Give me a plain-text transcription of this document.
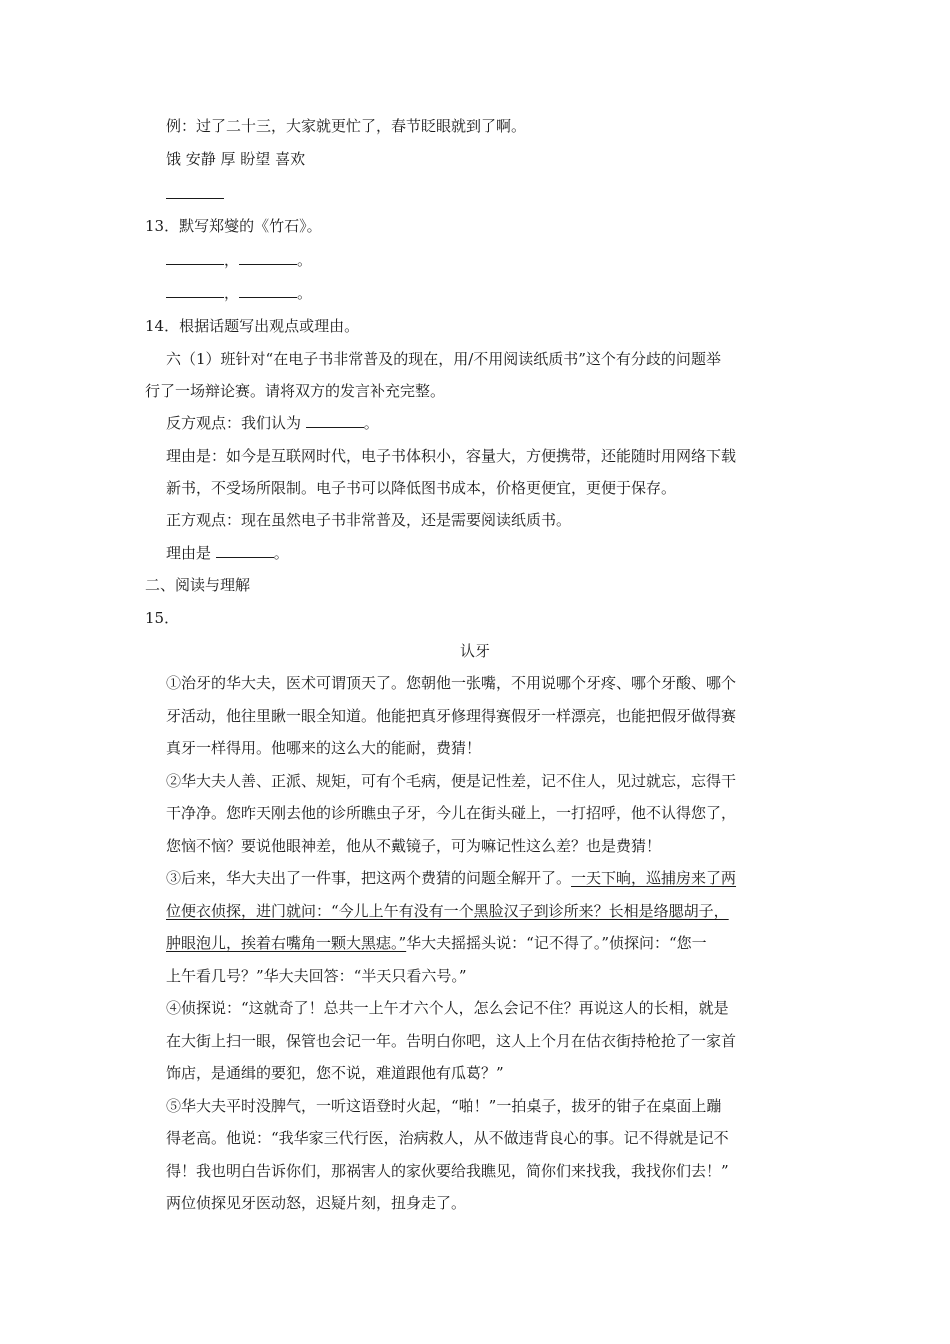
例：过了二十三，大家就更忙了，春节眨眼就到了啊。
饿 安静 厚 盼望 喜欢
13．默写郑燮的《竹石》。
，	。
，	。
14．根据话题写出观点或理由。
六（1）班针对“在电子书非常普及的现在，用/不用阅读纸质书”这个有分歧的问题举
行了一场辩论赛。请将双方的发言补充完整。
反方观点：我们认为	。
理由是：如今是互联网时代，电子书体积小，容量大，方便携带，还能随时用网络下载
新书，不受场所限制。电子书可以降低图书成本，价格更便宜，更便于保存。
正方观点：现在虽然电子书非常普及，还是需要阅读纸质书。
理由是	。
二、阅读与理解
15．
认牙
①治牙的华大夫，医术可谓顶天了。您朝他一张嘴，不用说哪个牙疼、哪个牙酸、哪个
牙活动，他往里瞅一眼全知道。他能把真牙修理得赛假牙一样漂亮，也能把假牙做得赛
真牙一样得用。他哪来的这么大的能耐，费猜！
②华大夫人善、正派、规矩，可有个毛病，便是记性差，记不住人，见过就忘，忘得干
干净净。您昨天刚去他的诊所瞧虫子牙，今儿在街头碰上，一打招呼，他不认得您了，
您恼不恼？要说他眼神差，他从不戴镜子，可为嘛记性这么差？也是费猜！
③后来，华大夫出了一件事，把这两个费猜的问题全解开了。一天下晌，巡捕房来了两
位便衣侦探，进门就问：“今儿上午有没有一个黑脸汉子到诊所来？长相是络腮胡子，
肿眼泡儿，挨着右嘴角一颗大黑痣。”华大夫摇摇头说：“记不得了。”侦探问：“您一
上午看几号？”华大夫回答：“半天只看六号。”
④侦探说：“这就奇了！总共一上午才六个人，怎么会记不住？再说这人的长相，就是
在大街上扫一眼，保管也会记一年。告明白你吧，这人上个月在估衣街持枪抢了一家首
饰店，是通缉的要犯，您不说，难道跟他有瓜葛？”
⑤华大夫平时没脾气，一听这语登时火起，“啪！”一拍桌子，拔牙的钳子在桌面上蹦
得老高。他说：“我华家三代行医，治病救人，从不做违背良心的事。记不得就是记不
得！我也明白告诉你们，那祸害人的家伙要给我瞧见，简你们来找我，我找你们去！”
两位侦探见牙医动怒，迟疑片刻，扭身走了。
